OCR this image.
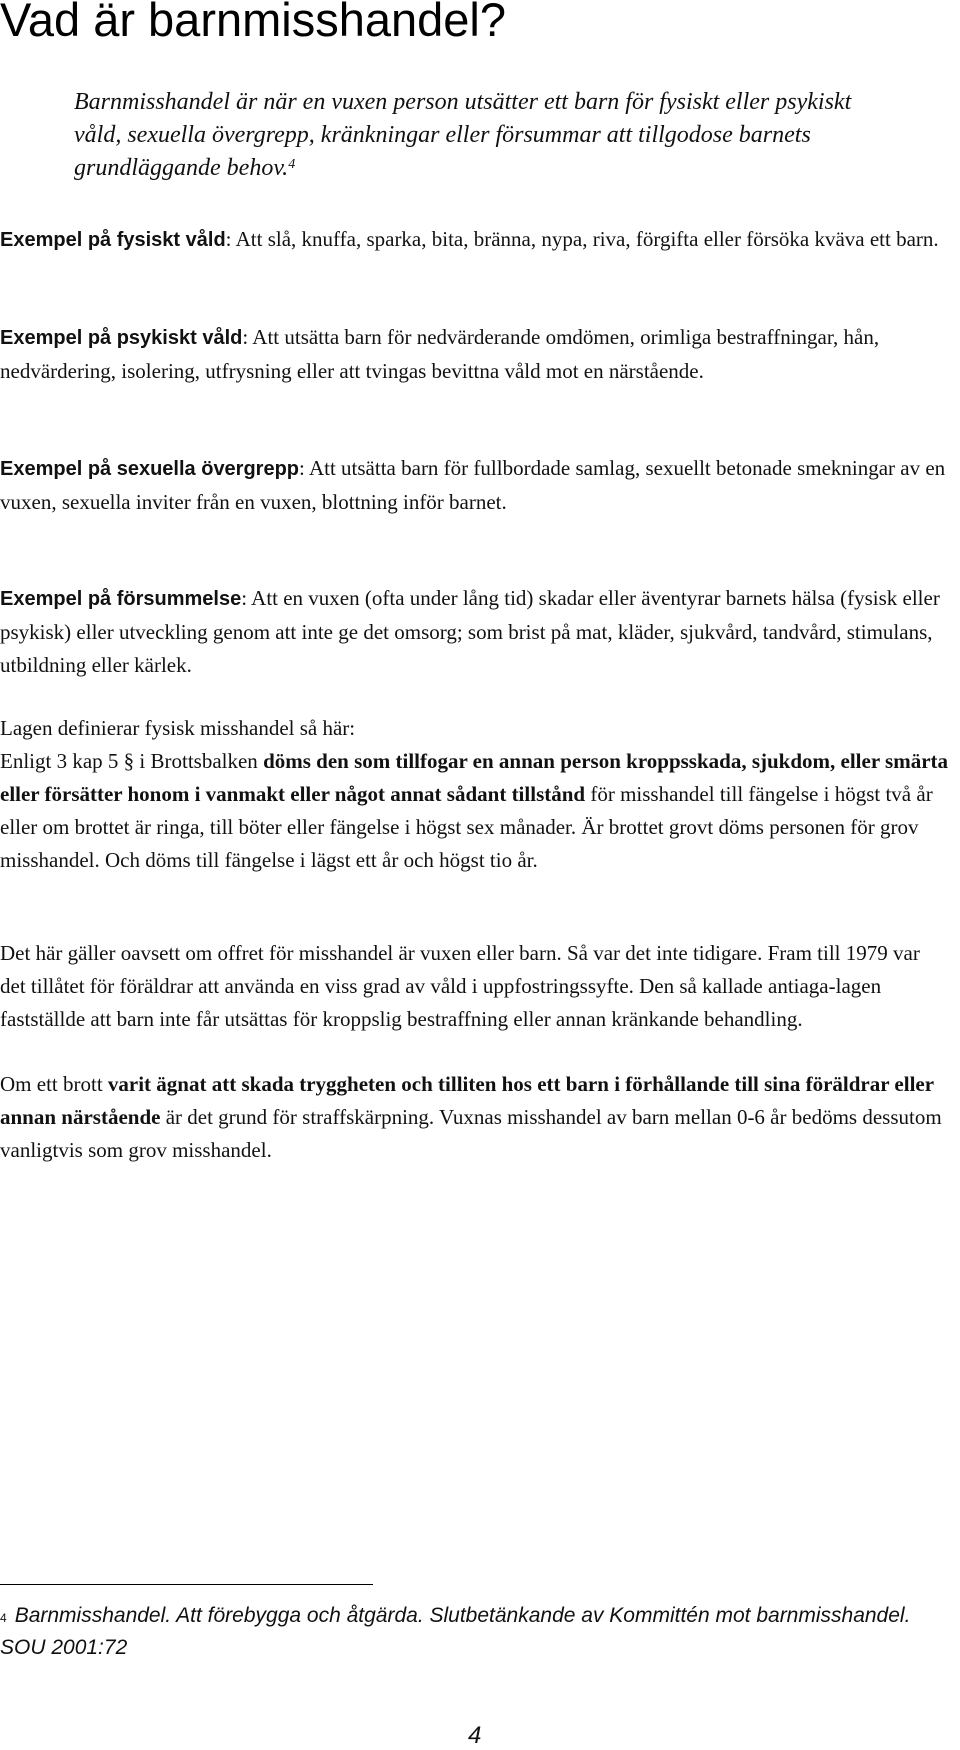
Vad är barnmisshandel?

Barnmisshandel är när en vuxen person utsätter ett barn för fysiskt eller psykiskt våld, sexuella övergrepp, kränkningar eller försummar att tillgodose barnets grundläggande behov.$^4$

Exempel på fysiskt våld: Att slå, knuffa, sparka, bita, bränna, nypa, riva, förgifta eller försöka kväva ett barn.

Exempel på psykiskt våld: Att utsätta barn för nedvärderande omdömen, orimliga bestraffningar, hån, nedvärdering, isolering, utfrysning eller att tvingas bevittna våld mot en närstående.

Exempel på sexuella övergrepp: Att utsätta barn för fullbordade samlag, sexuellt betonade smekningar av en vuxen, sexuella inviter från en vuxen, blottning inför barnet.

Exempel på försummelse: Att en vuxen (ofta under lång tid) skadar eller äventyrar barnets hälsa (fysisk eller psykisk) eller utveckling genom att inte ge det omsorg; som brist på mat, kläder, sjukvård, tandvård, stimulans, utbildning eller kärlek.

Lagen definierar fysisk misshandel så här:
Enligt 3 kap 5 § i Brottsbalken döms den som tillfogar en annan person kroppsskada, sjukdom, eller smärta eller försätter honom i vanmakt eller något annat sådant tillstånd för misshandel till fängelse i högst två år eller om brottet är ringa, till böter eller fängelse i högst sex månader. Är brottet grovt döms personen för grov misshandel. Och döms till fängelse i lägst ett år och högst tio år.

Det här gäller oavsett om offret för misshandel är vuxen eller barn. Så var det inte tidigare. Fram till 1979 var det tillåtet för föräldrar att använda en viss grad av våld i uppfostringssyfte. Den så kallade antiaga-lagen fastställde att barn inte får utsättas för kroppslig bestraffning eller annan kränkande behandling.

Om ett brott varit ägnat att skada tryggheten och tilliten hos ett barn i förhållande till sina föräldrar eller annan närstående är det grund för straffskärpning. Vuxnas misshandel av barn mellan 0-6 år bedöms dessutom vanligtvis som grov misshandel.

$^4$ Barnmisshandel. Att förebygga och åtgärda. Slutbetänkande av Kommittén mot barnmisshandel. SOU 2001:72

4
